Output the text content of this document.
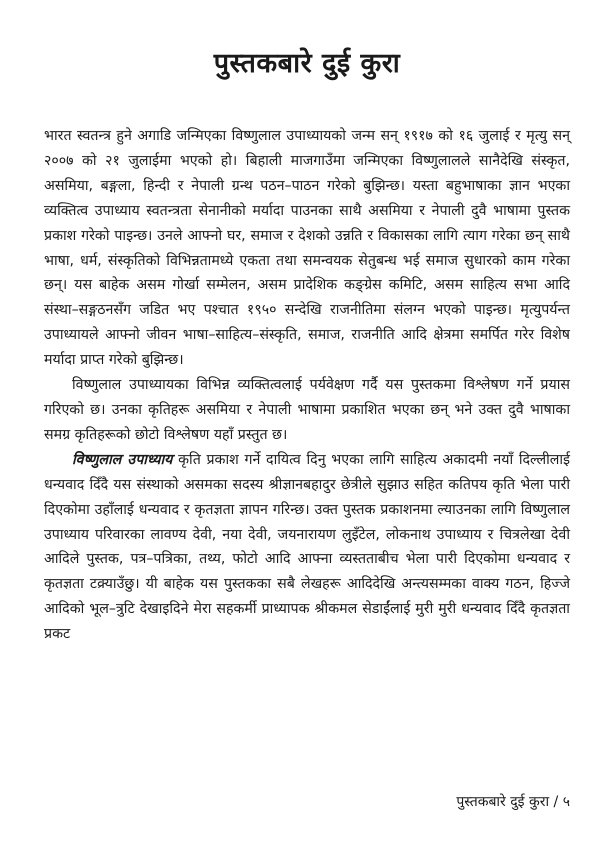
पुस्तकबारे दुई कुरा

भारत स्वतन्त्र हुने अगाडि जन्मिएका विष्णुलाल उपाध्यायको जन्म सन् १९१७ को १६ जुलाई र मृत्यु सन् २००७ को २१ जुलाईमा भएको हो। बिहाली माजगाउँमा जन्मिएका विष्णुलालले सानैदेखि संस्कृत, असमिया, बङ्गला, हिन्दी र नेपाली ग्रन्थ पठन–पाठन गरेको बुझिन्छ। यस्ता बहुभाषाका ज्ञान भएका व्यक्तित्व उपाध्याय स्वतन्त्रता सेनानीको मर्यादा पाउनका साथै असमिया र नेपाली दुवै भाषामा पुस्तक प्रकाश गरेको पाइन्छ। उनले आफ्नो घर, समाज र देशको उन्नति र विकासका लागि त्याग गरेका छन् साथै भाषा, धर्म, संस्कृतिको विभिन्नतामध्ये एकता तथा समन्वयक सेतुबन्ध भई समाज सुधारको काम गरेका छन्। यस बाहेक असम गोर्खा सम्मेलन, असम प्रादेशिक कङ्ग्रेस कमिटि, असम साहित्य सभा आदि संस्था–सङ्गठनसँग जडित भए पश्चात १९५० सन्देखि राजनीतिमा संलग्न भएको पाइन्छ। मृत्युपर्यन्त उपाध्यायले आफ्नो जीवन भाषा–साहित्य–संस्कृति, समाज, राजनीति आदि क्षेत्रमा समर्पित गरेर विशेष मर्यादा प्राप्त गरेको बुझिन्छ।

विष्णुलाल उपाध्यायका विभिन्न व्यक्तित्वलाई पर्यवेक्षण गर्दै यस पुस्तकमा विश्लेषण गर्ने प्रयास गरिएको छ। उनका कृतिहरू असमिया र नेपाली भाषामा प्रकाशित भएका छन् भने उक्त दुवै भाषाका समग्र कृतिहरूको छोटो विश्लेषण यहाँ प्रस्तुत छ।

विष्णुलाल उपाध्याय कृति प्रकाश गर्ने दायित्व दिनु भएका लागि साहित्य अकादमी नयाँ दिल्लीलाई धन्यवाद दिँदै यस संस्थाको असमका सदस्य श्रीज्ञानबहादुर छेत्रीले सुझाउ सहित कतिपय कृति भेला पारी दिएकोमा उहाँलाई धन्यवाद र कृतज्ञता ज्ञापन गरिन्छ। उक्त पुस्तक प्रकाशनमा ल्याउनका लागि विष्णुलाल उपाध्याय परिवारका लावण्य देवी, नया देवी, जयनारायण लुइँटेल, लोकनाथ उपाध्याय र चित्रलेखा देवी आदिले पुस्तक, पत्र–पत्रिका, तथ्य, फोटो आदि आफ्ना व्यस्तताबीच भेला पारी दिएकोमा धन्यवाद र कृतज्ञता टक्र्याउँछु। यी बाहेक यस पुस्तकका सबै लेखहरू आदिदेखि अन्त्यसम्मका वाक्य गठन, हिज्जे आदिको भूल–त्रुटि देखाइदिने मेरा सहकर्मी प्राध्यापक श्रीकमल सेडाईंलाई मुरी मुरी धन्यवाद दिँदै कृतज्ञता प्रकट

पुस्तकबारे दुई कुरा / ५
